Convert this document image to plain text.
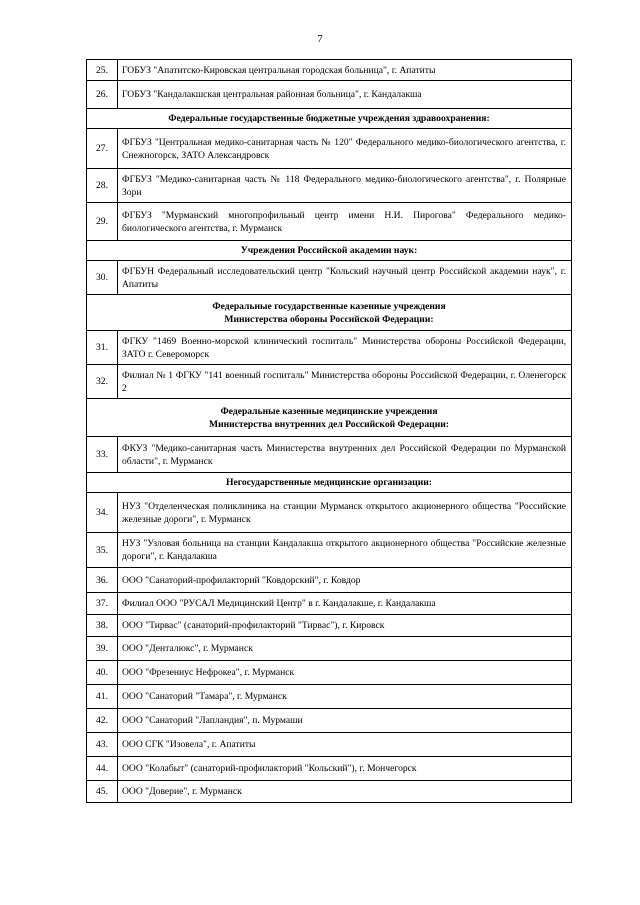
7
25.	ГОБУЗ "Апатитско-Кировская центральная городская больница", г. Апатиты
26.	ГОБУЗ "Кандалакшская центральная районная больница", г. Кандалакша

Федеральные государственные бюджетные учреждения здравоохранения:	

27.	ФГБУЗ "Центральная медико-санитарная часть № 120" Федерального медико-биологического агентства, г. Снежногорск, ЗАТО Александровск
28.	ФГБУЗ "Медико-санитарная часть № 118 Федерального медико-биологического агентства", г. Полярные Зори
29.	ФГБУЗ "Мурманский многопрофильный центр имени Н.И. Пирогова" Федерального медико-биологического агентства, г. Мурманск

Учреждения Российской академии наук:	

30.	ФГБУН Федеральный исследовательский центр "Кольский научный центр Российской академии наук", г. Апатиты

Федеральные государственные казенные учреждения
Министерства обороны Российской Федерации:	

31.	ФГКУ "1469 Военно-морской клинический госпиталь" Министерства обороны Российской Федерации, ЗАТО г. Североморск
32.	Филиал № 1 ФГКУ "141 военный госпиталь" Министерства обороны Российской Федерации, г. Оленегорск 2

Федеральные казенные медицинские учреждения
Министерства внутренних дел Российской Федерации:	

33.	ФКУЗ "Медико-санитарная часть Министерства внутренних дел Российской Федерации по Мурманской области", г. Мурманск

Негосударственные медицинские организации:	

34.	НУЗ "Отделенческая поликлиника на станции Мурманск открытого акционерного общества "Российские железные дороги", г. Мурманск
35.	НУЗ "Узловая больница на станции Кандалакша открытого акционерного общества "Российские железные дороги", г. Кандалакша
36.	ООО "Санаторий-профилакторий "Ковдорский", г. Ковдор
37.	Филиал ООО "РУСАЛ Медицинский Центр" в г. Кандалакше, г. Кандалакша
38.	ООО "Тирвас" (санаторий-профилакторий "Тирвас"), г. Кировск
39.	ООО "Денталюкс", г. Мурманск
40.	ООО "Фрезениус Нефрокеа", г. Мурманск
41.	ООО "Санаторий "Тамара", г. Мурманск
42.	ООО "Санаторий "Лапландия", п. Мурмаши
43.	ООО СГК "Изовела", г. Апатиты
44.	ООО "Колабыт" (санаторий-профилакторий "Кольский"), г. Мончегорск
45.	ООО "Доверие", г. Мурманск
